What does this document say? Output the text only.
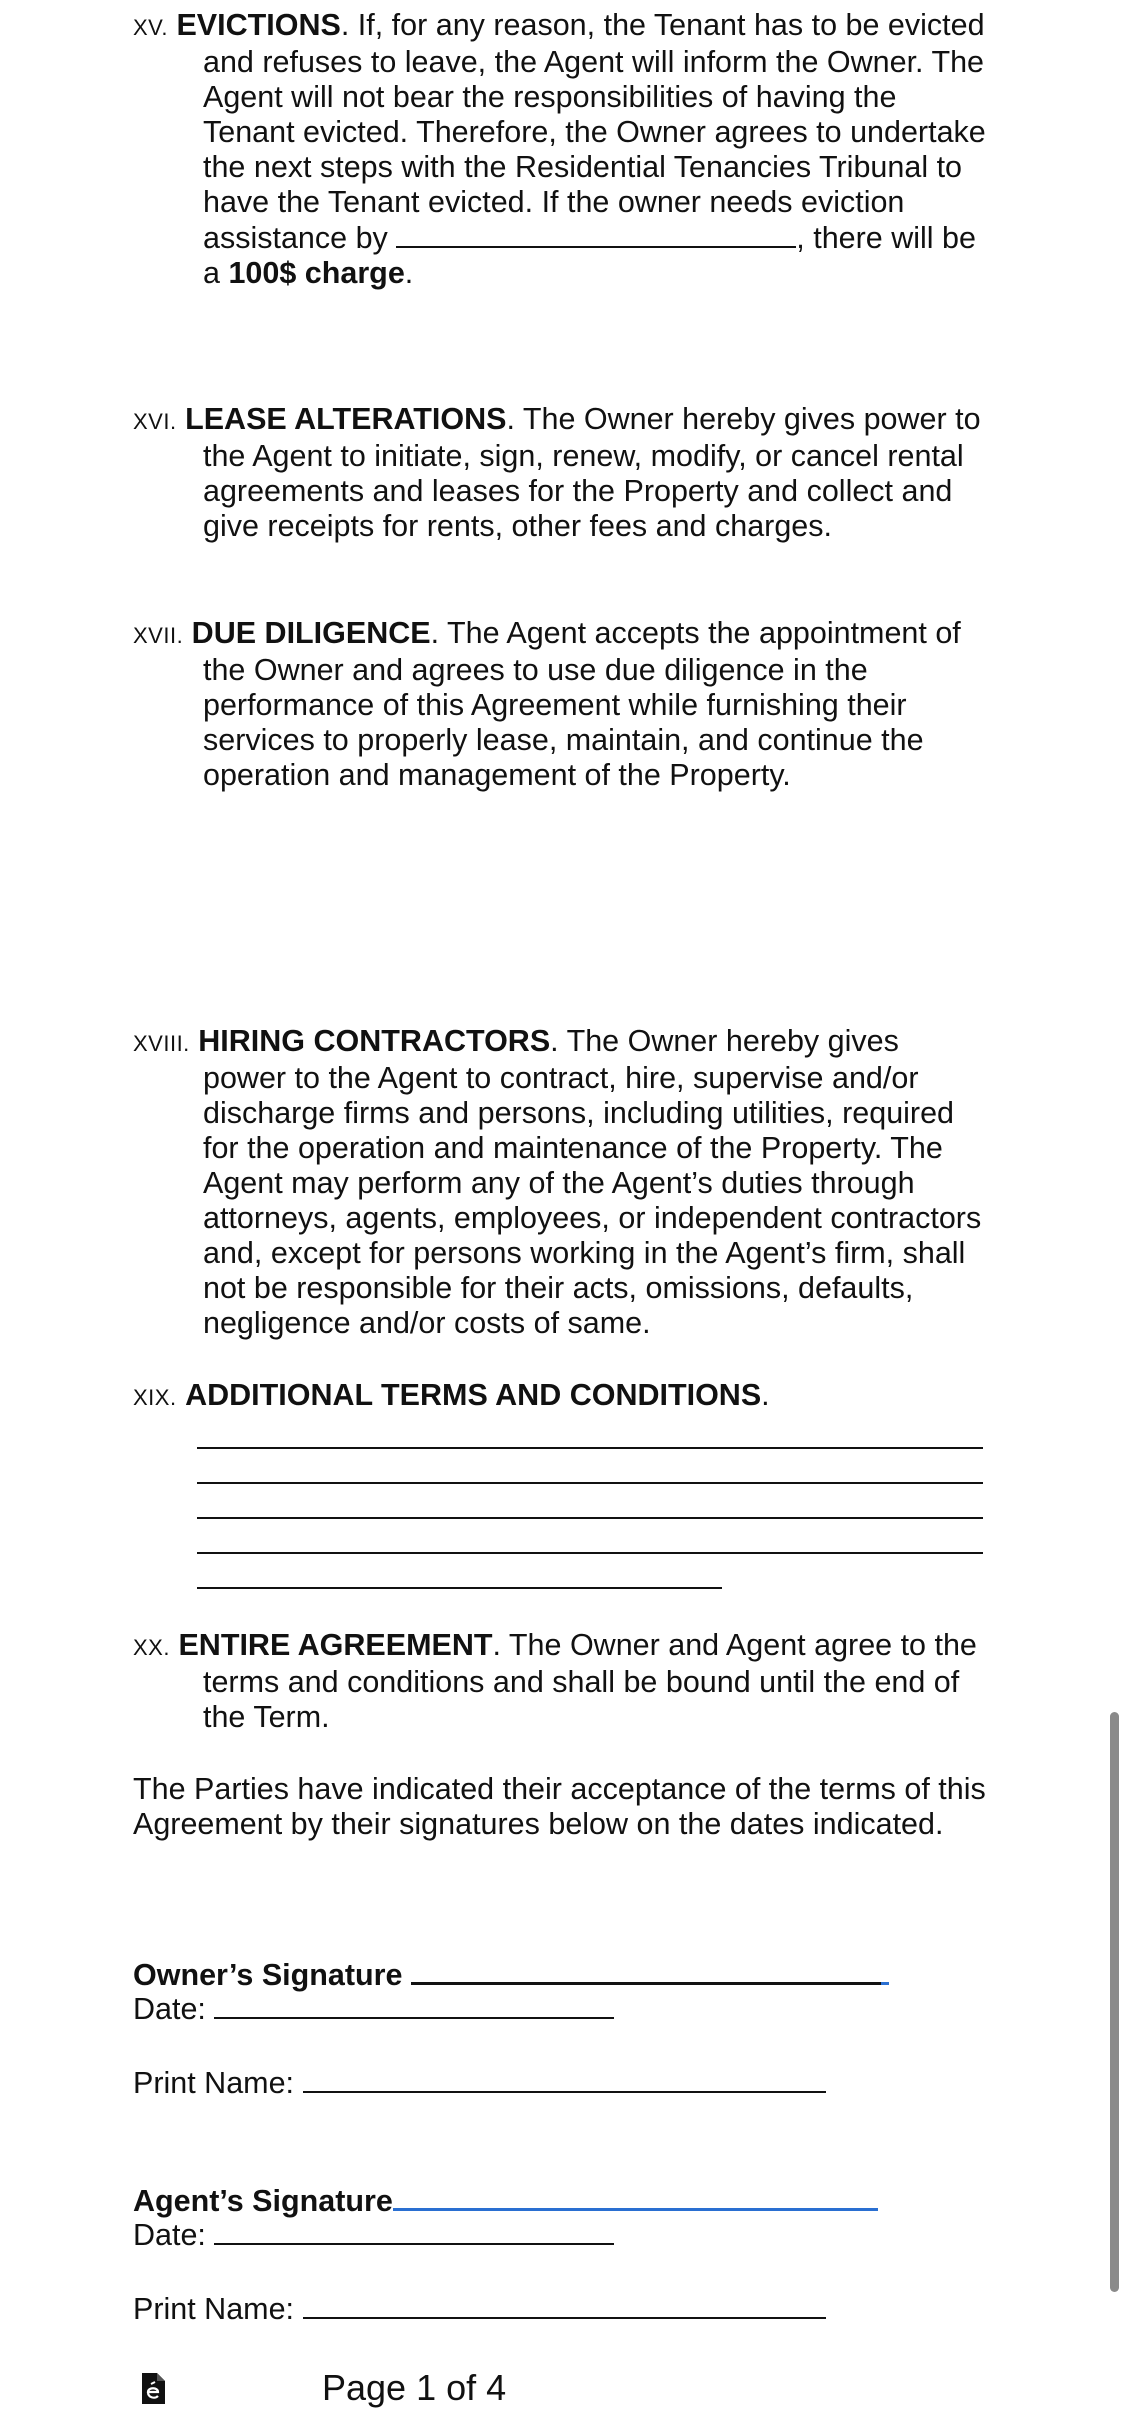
XV. EVICTIONS. If, for any reason, the Tenant has to be evicted and refuses to leave, the Agent will inform the Owner. The Agent will not bear the responsibilities of having the Tenant evicted. Therefore, the Owner agrees to undertake the next steps with the Residential Tenancies Tribunal to have the Tenant evicted. If the owner needs eviction assistance by	, there will be a 100$ charge.
XVI. LEASE ALTERATIONS. The Owner hereby gives power to the Agent to initiate, sign, renew, modify, or cancel rental agreements and leases for the Property and collect and give receipts for rents, other fees and charges.
XVII. DUE DILIGENCE. The Agent accepts the appointment of the Owner and agrees to use due diligence in the performance of this Agreement while furnishing their services to properly lease, maintain, and continue the operation and management of the Property.
XVIII. HIRING CONTRACTORS. The Owner hereby gives power to the Agent to contract, hire, supervise and/or discharge firms and persons, including utilities, required for the operation and maintenance of the Property. The Agent may perform any of the Agent’s duties through attorneys, agents, employees, or independent contractors and, except for persons working in the Agent’s firm, shall not be responsible for their acts, omissions, defaults, negligence and/or costs of same.
XIX. ADDITIONAL TERMS AND CONDITIONS.
XX. ENTIRE AGREEMENT. The Owner and Agent agree to the terms and conditions and shall be bound until the end of the Term.
The Parties have indicated their acceptance of the terms of this Agreement by their signatures below on the dates indicated.
Owner’s Signature
Date:
Print Name:
Agent’s Signature
Date:
Print Name:
Page 1 of 4
